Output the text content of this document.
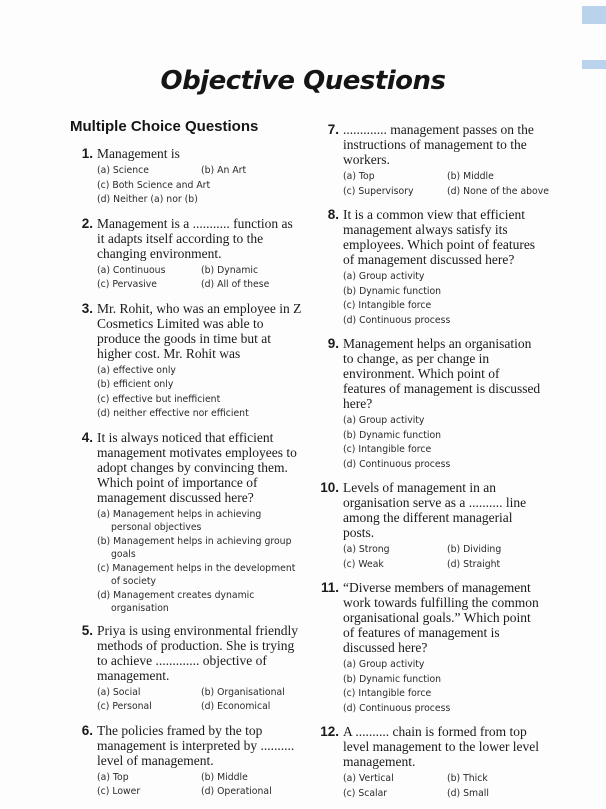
Objective Questions
Multiple Choice Questions
1. Management is
(a) Science	(b) An Art
(c) Both Science and Art
(d) Neither (a) nor (b)
2. Management is a ........... function as it adapts itself according to the changing environment.
(a) Continuous	(b) Dynamic
(c) Pervasive	(d) All of these
3. Mr. Rohit, who was an employee in Z Cosmetics Limited was able to produce the goods in time but at higher cost. Mr. Rohit was
(a) effective only
(b) efficient only
(c) effective but inefficient
(d) neither effective nor efficient
4. It is always noticed that efficient management motivates employees to adopt changes by convincing them. Which point of importance of management discussed here?
(a) Management helps in achieving personal objectives
(b) Management helps in achieving group goals
(c) Management helps in the development of society
(d) Management creates dynamic organisation
5. Priya is using environmental friendly methods of production. She is trying to achieve ............. objective of management.
(a) Social	(b) Organisational
(c) Personal	(d) Economical
6. The policies framed by the top management is interpreted by .......... level of management.
(a) Top	(b) Middle
(c) Lower	(d) Operational
7. ............. management passes on the instructions of management to the workers.
(a) Top	(b) Middle
(c) Supervisory	(d) None of the above
8. It is a common view that efficient management always satisfy its employees. Which point of features of management discussed here?
(a) Group activity
(b) Dynamic function
(c) Intangible force
(d) Continuous process
9. Management helps an organisation to change, as per change in environment. Which point of features of management is discussed here?
(a) Group activity
(b) Dynamic function
(c) Intangible force
(d) Continuous process
10. Levels of management in an organisation serve as a .......... line among the different managerial posts.
(a) Strong	(b) Dividing
(c) Weak	(d) Straight
11. “Diverse members of management work towards fulfilling the common organisational goals.” Which point of features of management is discussed here?
(a) Group activity
(b) Dynamic function
(c) Intangible force
(d) Continuous process
12. A .......... chain is formed from top level management to the lower level management.
(a) Vertical	(b) Thick
(c) Scalar	(d) Small
